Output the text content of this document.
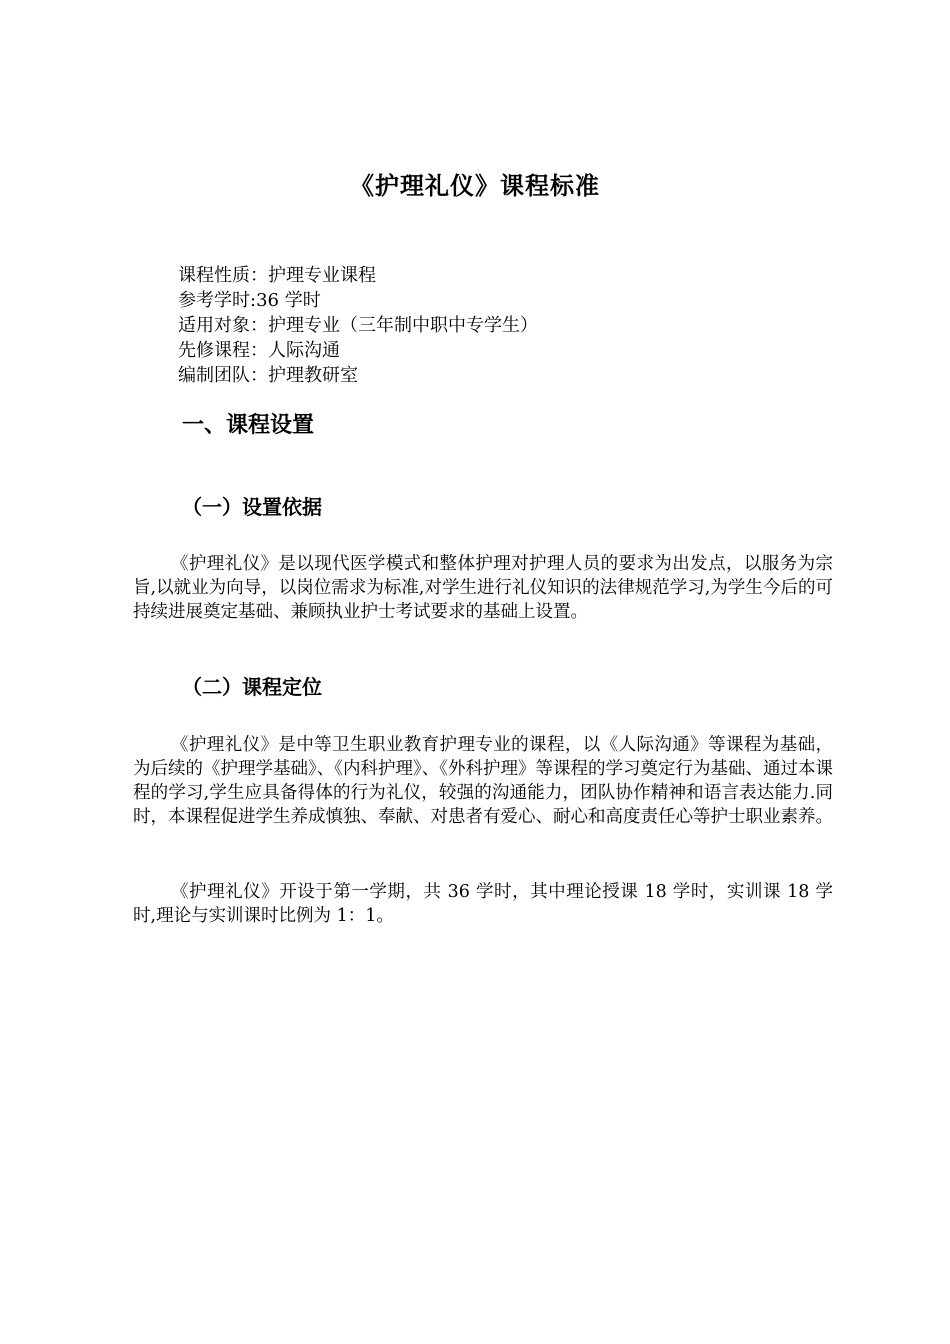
《护理礼仪》课程标准
课程性质：护理专业课程
参考学时:36 学时
适用对象：护理专业（三年制中职中专学生）
先修课程：人际沟通
编制团队：护理教研室
一、课程设置
（一）设置依据

《护理礼仪》是以现代医学模式和整体护理对护理人员的要求为出发点，以服务为宗旨,以就业为向导，以岗位需求为标准,对学生进行礼仪知识的法律规范学习,为学生今后的可持续进展奠定基础、兼顾执业护士考试要求的基础上设置。

（二）课程定位

《护理礼仪》是中等卫生职业教育护理专业的课程，以《人际沟通》等课程为基础，为后续的《护理学基础》、《内科护理》、《外科护理》等课程的学习奠定行为基础、通过本课程的学习,学生应具备得体的行为礼仪，较强的沟通能力，团队协作精神和语言表达能力.同时，本课程促进学生养成慎独、奉献、对患者有爱心、耐心和高度责任心等护士职业素养。

《护理礼仪》开设于第一学期，共 36 学时，其中理论授课 18 学时，实训课 18 学时,理论与实训课时比例为 1：1。
